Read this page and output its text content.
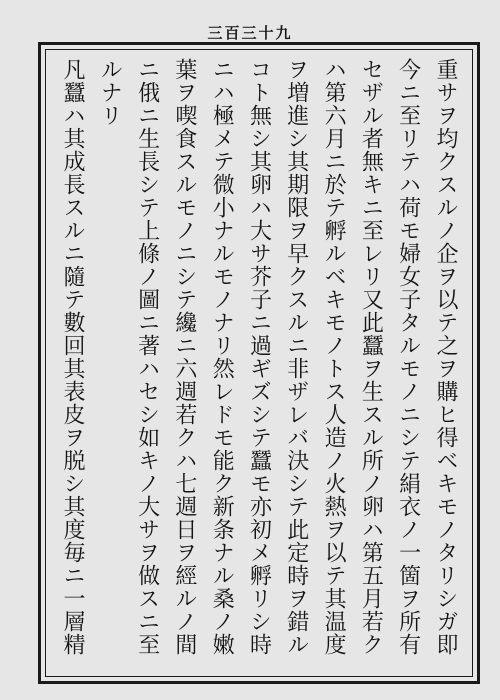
三百三十九
重サヲ均クスルノ企ヲ以テ之ヲ購ヒ得ベキモノタリシガ即
今ニ至リテハ荷モ婦女子タルモノニシテ絹衣ノ一箇ヲ所有
セザル者無キニ至レリ又此蠶ヲ生スル所ノ卵ハ第五月若ク
ハ第六月ニ於テ孵ルベキモノトス人造ノ火熱ヲ以テ其温度
ヲ増進シ其期限ヲ早クスルニ非ザレバ決シテ此定時ヲ錯ル
コト無シ其卵ハ大サ芥子ニ過ギズシテ蠶モ亦初メ孵リシ時
ニハ極メテ微小ナルモノナリ然レドモ能ク新条ナル桑ノ嫩
葉ヲ喫食スルモノニシテ纔ニ六週若クハ七週日ヲ經ルノ間
ニ俄ニ生長シテ上條ノ圖ニ著ハセシ如キノ大サヲ做スニ至
ルナリ
凡蠶ハ其成長スルニ隨テ數回其表皮ヲ脱シ其度毎ニ一層精
